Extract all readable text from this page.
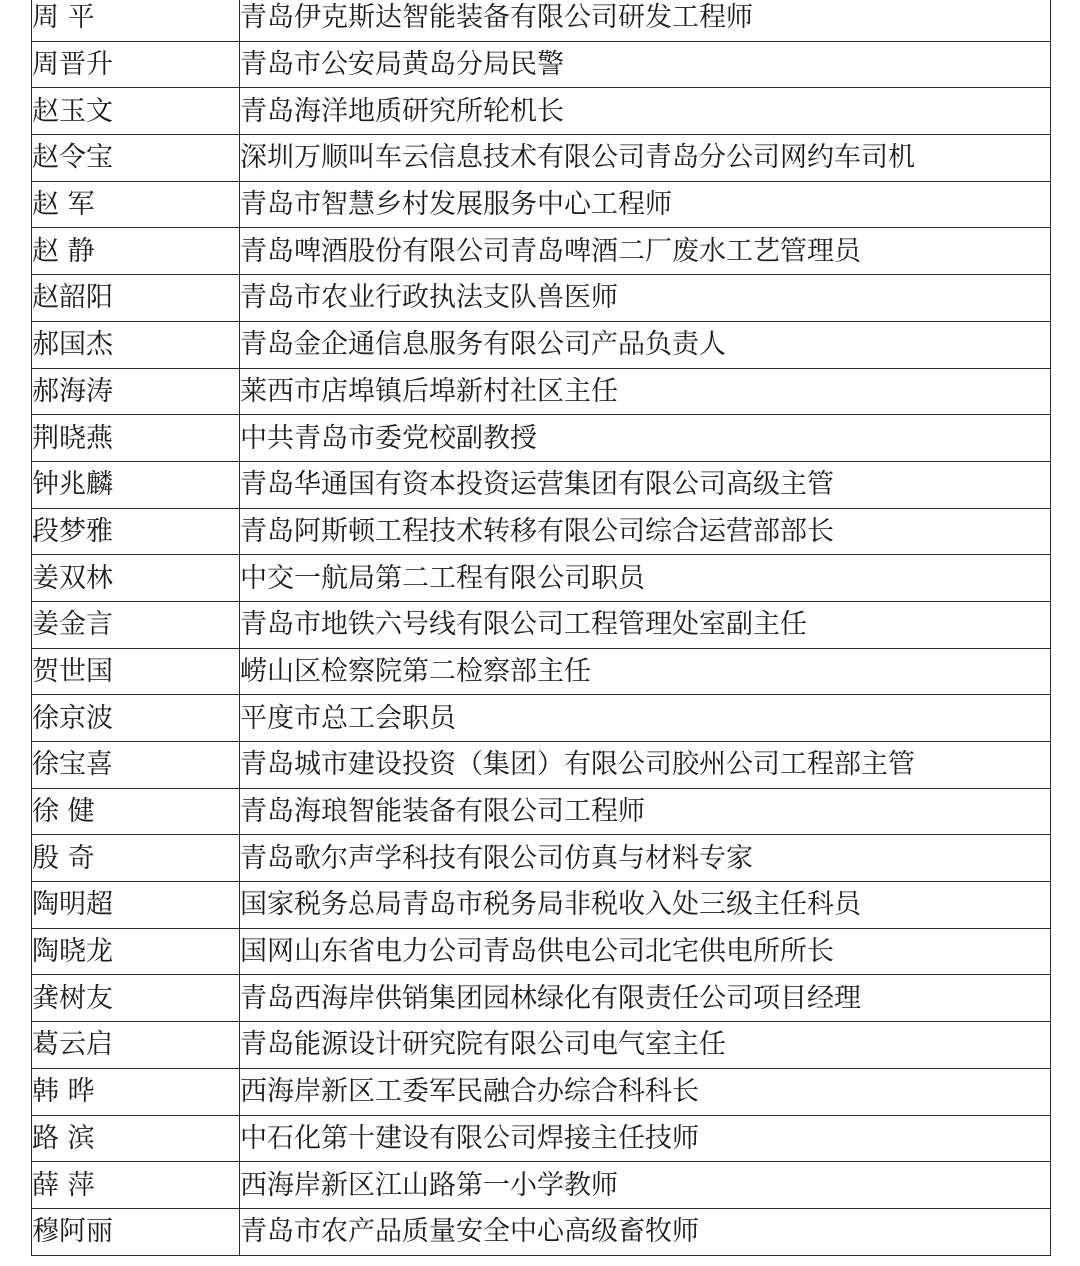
周 平	青岛伊克斯达智能装备有限公司研发工程师
周晋升	青岛市公安局黄岛分局民警
赵玉文	青岛海洋地质研究所轮机长
赵令宝	深圳万顺叫车云信息技术有限公司青岛分公司网约车司机
赵 军	青岛市智慧乡村发展服务中心工程师
赵 静	青岛啤酒股份有限公司青岛啤酒二厂废水工艺管理员
赵韶阳	青岛市农业行政执法支队兽医师
郝国杰	青岛金企通信息服务有限公司产品负责人
郝海涛	莱西市店埠镇后埠新村社区主任
荆晓燕	中共青岛市委党校副教授
钟兆麟	青岛华通国有资本投资运营集团有限公司高级主管
段梦雅	青岛阿斯顿工程技术转移有限公司综合运营部部长
姜双林	中交一航局第二工程有限公司职员
姜金言	青岛市地铁六号线有限公司工程管理处室副主任
贺世国	崂山区检察院第二检察部主任
徐京波	平度市总工会职员
徐宝喜	青岛城市建设投资（集团）有限公司胶州公司工程部主管
徐 健	青岛海琅智能装备有限公司工程师
殷 奇	青岛歌尔声学科技有限公司仿真与材料专家
陶明超	国家税务总局青岛市税务局非税收入处三级主任科员
陶晓龙	国网山东省电力公司青岛供电公司北宅供电所所长
龚树友	青岛西海岸供销集团园林绿化有限责任公司项目经理
葛云启	青岛能源设计研究院有限公司电气室主任
韩 晔	西海岸新区工委军民融合办综合科科长
路 滨	中石化第十建设有限公司焊接主任技师
薛 萍	西海岸新区江山路第一小学教师
穆阿丽	青岛市农产品质量安全中心高级畜牧师
